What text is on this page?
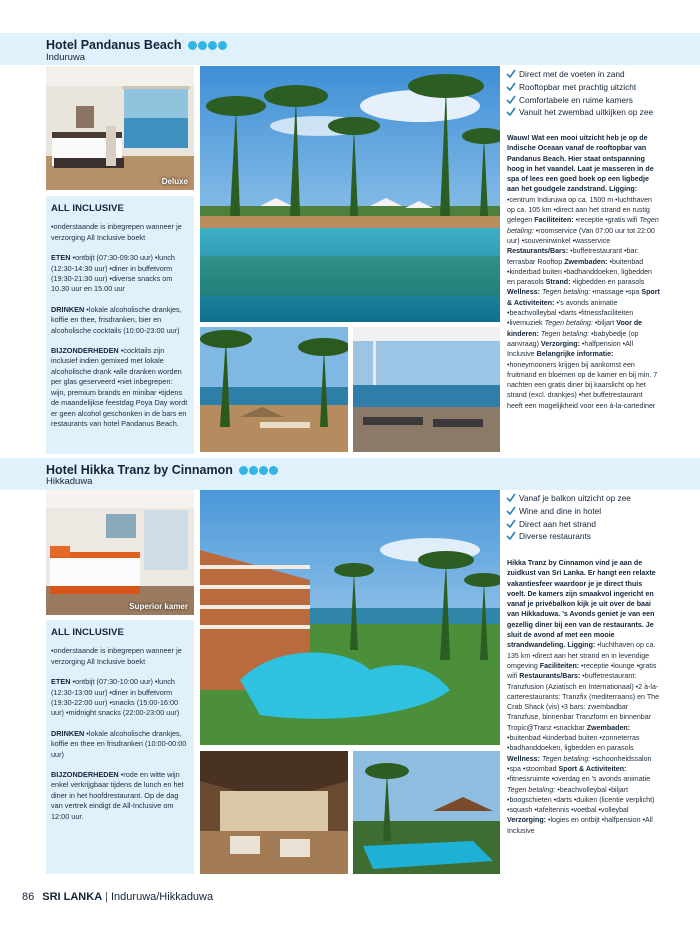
Hotel Pandanus Beach
Induruwa
Deluxe
ALL INCLUSIVE

•onderstaande is inbegrepen wanneer je verzorging All Inclusive boekt

ETEN •ontbijt (07:30-09:30 uur) •lunch (12:30-14:30 uur) •diner in buffetvorm (19:30-21:30 uur) •diverse snacks om 10.30 uur en 15.00 uur

DRINKEN •lokale alcoholische drankjes, koffie en thee, frisdranken, bier en alcoholische cocktails (10:00-23:00 uur)

BIJZONDERHEDEN •cocktails zijn inclusief indien gemixed met lokale alcoholische drank •alle dranken worden per glas geserveerd •niet inbegrepen: wijn, premium brands en minibar •tijdens de maandelijkse feestdag Poya Day wordt er geen alcohol geschonken in de bars en restaurants van hotel Pandanus Beach.

Direct met de voeten in zand
Rooftopbar met prachtig uitzicht
Comfortabele en ruime kamers
Vanuit het zwembad uitkijken op zee
Wauw! Wat een mooi uitzicht heb je op de Indische Oceaan vanaf de rooftopbar van Pandanus Beach. Hier staat ontspanning hoog in het vaandel. Laat je masseren in de spa of lees een goed boek op een ligbedje aan het goudgele zandstrand. Ligging: •centrum Induruwa op ca. 1500 m •luchthaven op ca. 105 km •direct aan het strand en rustig gelegen Faciliteiten: •receptie •gratis wifi Tegen betaling: •roomservice (Van 07:00 uur tot 22:00 uur) •souvenirwinkel •wasservice Restaurants/Bars: •buffetrestaurant •bar: terrasbar Rooftop Zwembaden: •buitenbad •kinderbad buiten •badhanddoeken, ligbedden en parasols Strand: •ligbedden en parasols Wellness: Tegen betaling: •massage •spa Sport & Activiteiten: •'s avonds animatie •beachvolleybal •darts •fitnessfaciliteiten •livemuziek Tegen betaling: •biljart Voor de kinderen: Tegen betaling: •babybedje (op aanvraag) Verzorging: •halfpension •All Inclusive Belangrijke informatie: •honeymooners krijgen bij aankomst een fruitmand en bloemen op de kamer en bij min. 7 nachten een gratis diner bij kaarslicht op het strand (excl. drankjes) •het buffetrestaurant heeft een mogelijkheid voor een à-la-cartediner
Hotel Hikka Tranz by Cinnamon
Hikkaduwa
Superior kamer
ALL INCLUSIVE

•onderstaande is inbegrepen wanneer je verzorging All Inclusive boekt

ETEN •ontbijt (07:30-10:00 uur) •lunch (12:30-13:00 uur) •diner in buffetvorm (19:30-22:00 uur) •snacks (15:00-16:00 uur) •midnight snacks (22:00-23:00 uur)

DRINKEN •lokale alcoholische drankjes, koffie en thee en frisdranken (10:00-00:00 uur)

BIJZONDERHEDEN •rode en witte wijn enkel verkrijgbaar tijdens de lunch en het diner in het hoofdrestaurant. Op de dag van vertrek eindigt de All-Inclusive om 12:00 uur.

Vanaf je balkon uitzicht op zee
Wine and dine in hotel
Direct aan het strand
Diverse restaurants
Hikka Tranz by Cinnamon vind je aan de zuidkust van Sri Lanka. Er hangt een relaxte vakantiesfeer waardoor je je direct thuis voelt. De kamers zijn smaakvol ingericht en vanaf je privébalkon kijk je uit over de baai van Hikkaduwa. 's Avonds geniet je van een gezellig diner bij een van de restaurants. Je sluit de avond af met een mooie strandwandeling. Ligging: •luchthaven op ca. 135 km •direct aan het strand en in levendige omgeving Faciliteiten: •receptie •lounge •gratis wifi Restaurants/Bars: •buffetrestaurant: Tranzfusion (Aziatisch en Internationaal) •2 à-la-carterestaurants: Tranzfix (mediterraans) en The Crab Shack (vis) •3 bars: zwembadbar Tranzfuse, binnenbar Tranzform en binnenbar Tropic@Tranz •snackbar Zwembaden: •buitenbad •kinderbad buiten •zonneterras •badhanddoeken, ligbedden en parasols Wellness: Tegen betaling: •schoonheidssalon •spa •stoombad Sport & Activiteiten: •fitnessruimte •overdag en 's avonds animatie Tegen betaling: •beachvolleybal •biljart •boogschieten •darts •duiken (licentie verplicht) •squash •tafeltennis •voetbal •volleybal Verzorging: •logies en ontbijt •halfpension •All Inclusive
86 SRI LANKA | Induruwa/Hikkaduwa
